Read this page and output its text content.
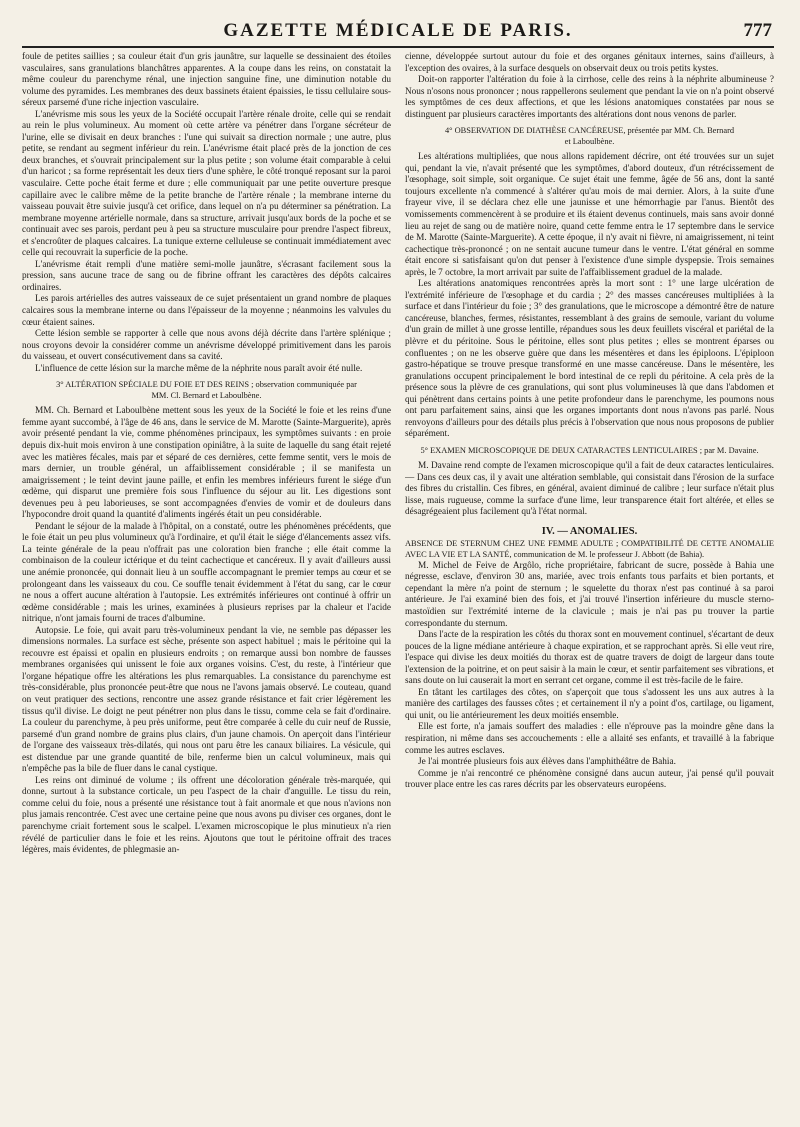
GAZETTE MÉDICALE DE PARIS.	777

foule de petites saillies ; sa couleur était d'un gris jaunâtre, sur laquelle se dessinaient des étoiles vasculaires, sans granulations blanchâtres apparentes. A la coupe dans les reins, on constatait la même couleur du parenchyme rénal, une injection sanguine fine, une diminution notable du volume des pyramides. Les membranes des deux bassinets étaient épaissies, le tissu cellulaire sous-séreux parsemé d'une riche injection vasculaire.

L'anévrisme mis sous les yeux de la Société occupait l'artère rénale droite, celle qui se rendait au rein le plus volumineux. Au moment où cette artère va pénétrer dans l'organe sécréteur de l'urine, elle se divisait en deux branches : l'une qui suivait sa direction normale ; une autre, plus petite, se rendant au segment inférieur du rein. L'anévrisme était placé près de la jonction de ces deux branches, et s'ouvrait principalement sur la plus petite ; son volume était comparable à celui d'un haricot ; sa forme représentait les deux tiers d'une sphère, le côté tronqué reposant sur la paroi vasculaire. Cette poche était ferme et dure ; elle communiquait par une petite ouverture presque capillaire avec le calibre même de la petite branche de l'artère rénale ; la membrane interne du vaisseau pouvait être suivie jusqu'à cet orifice, dans lequel on n'a pu déterminer sa pénétration. La membrane moyenne artérielle normale, dans sa structure, arrivait jusqu'aux bords de la poche et se continuait avec ses parois, perdant peu à peu sa structure musculaire pour prendre l'aspect fibreux, et s'encroûter de plaques calcaires. La tunique externe celluleuse se continuait immédiatement avec celle qui recouvrait la superficie de la poche.

L'anévrisme était rempli d'une matière semi-molle jaunâtre, s'écrasant facilement sous la pression, sans aucune trace de sang ou de fibrine offrant les caractères des dépôts calcaires ordinaires.

Les parois artérielles des autres vaisseaux de ce sujet présentaient un grand nombre de plaques calcaires sous la membrane interne ou dans l'épaisseur de la moyenne ; néanmoins les valvules du cœur étaient saines.

Cette lésion semble se rapporter à celle que nous avons déjà décrite dans l'artère splénique ; nous croyons devoir la considérer comme un anévrisme développé primitivement dans les parois du vaisseau, et ouvert consécutivement dans sa cavité.

L'influence de cette lésion sur la marche même de la néphrite nous paraît avoir été nulle.

3° ALTÉRATION SPÉCIALE DU FOIE ET DES REINS ; observation communiquée par
MM. Cl. Bernard et Laboulbène.

MM. Ch. Bernard et Laboulbène mettent sous les yeux de la Société le foie et les reins d'une femme ayant succombé, à l'âge de 46 ans, dans le service de M. Marotte (Sainte-Marguerite), après avoir présenté pendant la vie, comme phénomènes principaux, les symptômes suivants : en proie depuis dix-huit mois environ à une constipation opiniâtre, à la suite de laquelle du sang était rejeté avec les matières fécales, mais par et séparé de ces dernières, cette femme sentit, vers le mois de mars dernier, un trouble général, un affaiblissement considérable ; il se manifesta un amaigrissement ; le teint devint jaune paille, et enfin les membres inférieurs furent le siége d'un œdème, qui disparut une première fois sous l'influence du séjour au lit. Les digestions sont devenues peu à peu laborieuses, se sont accompagnées d'envies de vomir et de douleurs dans l'hypocondre droit quand la quantité d'aliments ingérés était un peu considérable.

Pendant le séjour de la malade à l'hôpital, on a constaté, outre les phénomènes précédents, que le foie était un peu plus volumineux qu'à l'ordinaire, et qu'il était le siége d'élancements assez vifs. La teinte générale de la peau n'offrait pas une coloration bien franche ; elle était comme la combinaison de la couleur ictérique et du teint cachectique et cancéreux. Il y avait d'ailleurs aussi une anémie prononcée, qui donnait lieu à un souffle accompagnant le premier temps au cœur et se prolongeant dans les vaisseaux du cou. Ce souffle tenait évidemment à l'état du sang, car le cœur ne nous a offert aucune altération à l'autopsie. Les extrémités inférieures ont continué à offrir un œdème considérable ; mais les urines, examinées à plusieurs reprises par la chaleur et l'acide nitrique, n'ont jamais fourni de traces d'albumine.

Autopsie. Le foie, qui avait paru très-volumineux pendant la vie, ne semble pas dépasser les dimensions normales. La surface est sèche, présente son aspect habituel ; mais le péritoine qui la recouvre est épaissi et opalin en plusieurs endroits ; on remarque aussi bon nombre de fausses membranes organisées qui unissent le foie aux organes voisins. C'est, du reste, à l'intérieur que l'organe hépatique offre les altérations les plus remarquables. La consistance du parenchyme est très-considérable, plus prononcée peut-être que nous ne l'avons jamais observé. Le couteau, quand on veut pratiquer des sections, rencontre une assez grande résistance et fait crier légèrement les tissus qu'il divise. Le doigt ne peut pénétrer non plus dans le tissu, comme cela se fait d'ordinaire. La couleur du parenchyme, à peu près uniforme, peut être comparée à celle du cuir neuf de Russie, parsemé d'un grand nombre de grains plus clairs, d'un jaune chamois. On aperçoit dans l'intérieur de l'organe des vaisseaux très-dilatés, qui nous ont paru être les canaux biliaires. La vésicule, qui est distendue par une grande quantité de bile, renferme bien un calcul volumineux, mais qui n'empêche pas la bile de fluer dans le canal cystique.

Les reins ont diminué de volume ; ils offrent une décoloration générale très-marquée, qui donne, surtout à la substance corticale, un peu l'aspect de la chair d'anguille. Le tissu du rein, comme celui du foie, nous a présenté une résistance tout à fait anormale et que nous n'avions non plus jamais rencontrée. C'est avec une certaine peine que nous avons pu diviser ces organes, dont le parenchyme criait fortement sous le scalpel. L'examen microscopique le plus minutieux n'a rien révélé de particulier dans le foie et les reins. Ajoutons que tout le péritoine offrait des traces légères, mais évidentes, de phlegmasie an-

cienne, développée surtout autour du foie et des organes génitaux internes, sains d'ailleurs, à l'exception des ovaires, à la surface desquels on observait deux ou trois petits kystes.

Doit-on rapporter l'altération du foie à la cirrhose, celle des reins à la néphrite albumineuse ? Nous n'osons nous prononcer ; nous rappellerons seulement que pendant la vie on n'a point observé les symptômes de ces deux affections, et que les lésions anatomiques constatées par nous se distinguent par plusieurs caractères importants des altérations dont nous venons de parler.

4° OBSERVATION DE DIATHÈSE CANCÉREUSE, présentée par MM. Ch. Bernard
et Laboulbène.

Les altérations multipliées, que nous allons rapidement décrire, ont été trouvées sur un sujet qui, pendant la vie, n'avait présenté que les symptômes, d'abord douteux, d'un rétrécissement de l'œsophage, soit simple, soit organique. Ce sujet était une femme, âgée de 56 ans, dont la santé toujours excellente n'a commencé à s'altérer qu'au mois de mai dernier. Alors, à la suite d'une frayeur vive, il se déclara chez elle une jaunisse et une hémorrhagie par l'anus. Bientôt des vomissements commencèrent à se produire et ils étaient devenus continuels, mais sans avoir donné lieu au rejet de sang ou de matière noire, quand cette femme entra le 17 septembre dans le service de M. Marotte (Sainte-Marguerite). A cette époque, il n'y avait ni fièvre, ni amaigrissement, ni teint cachectique très-prononcé ; on ne sentait aucune tumeur dans le ventre. L'état général en somme était encore si satisfaisant qu'on dut penser à l'existence d'une simple dyspepsie. Trois semaines après, le 7 octobre, la mort arrivait par suite de l'affaiblissement graduel de la malade.

Les altérations anatomiques rencontrées après la mort sont : 1° une large ulcération de l'extrémité inférieure de l'œsophage et du cardia ; 2° des masses cancéreuses multipliées à la surface et dans l'intérieur du foie ; 3° des granulations, que le microscope a démontré être de nature cancéreuse, blanches, fermes, résistantes, ressemblant à des grains de semoule, variant du volume d'un grain de millet à une grosse lentille, répandues sous les deux feuillets viscéral et pariétal de la plèvre et du péritoine. Sous le péritoine, elles sont plus petites ; elles se montrent éparses ou confluentes ; on ne les observe guère que dans les mésentères et dans les épiploons. L'épiploon gastro-hépatique se trouve presque transformé en une masse cancéreuse. Dans le mésentère, les granulations occupent principalement le bord intestinal de ce repli du péritoine. A cela près de la présence sous la plèvre de ces granulations, qui sont plus volumineuses là que dans l'abdomen et qui pénètrent dans certains points à une petite profondeur dans le parenchyme, les poumons nous ont paru parfaitement sains, ainsi que les organes importants dont nous n'avons pas parlé. Nous renvoyons d'ailleurs pour des détails plus précis à l'observation que nous nous proposons de publier séparément.

5° EXAMEN MICROSCOPIQUE DE DEUX CATARACTES LENTICULAIRES ; par M. Davaine.

M. Davaine rend compte de l'examen microscopique qu'il a fait de deux cataractes lenticulaires. — Dans ces deux cas, il y avait une altération semblable, qui consistait dans l'érosion de la surface des fibres du cristallin. Ces fibres, en général, avaient diminué de calibre ; leur surface n'était plus lisse, mais rugueuse, comme la surface d'une lime, leur transparence était fort altérée, et elles se désagrégeaient plus facilement qu'à l'état normal.

IV. — ANOMALIES.

ABSENCE DE STERNUM CHEZ UNE FEMME ADULTE ; COMPATIBILITÉ DE CETTE ANOMALIE AVEC LA VIE ET LA SANTÉ, communication de M. le professeur J. Abbott (de Bahia).

M. Michel de Feive de Argôlo, riche propriétaire, fabricant de sucre, possède à Bahia une négresse, esclave, d'environ 30 ans, mariée, avec trois enfants tous parfaits et bien portants, et cependant la mère n'a point de sternum ; le squelette du thorax n'est pas continué à sa paroi antérieure. Je l'ai examiné bien des fois, et j'ai trouvé l'insertion inférieure du muscle sterno-mastoïdien sur l'extrémité interne de la clavicule ; mais je n'ai pas pu trouver la partie correspondante du sternum.

Dans l'acte de la respiration les côtés du thorax sont en mouvement continuel, s'écartant de deux pouces de la ligne médiane antérieure à chaque expiration, et se rapprochant après. Si elle veut rire, l'espace qui divise les deux moitiés du thorax est de quatre travers de doigt de largeur dans toute l'extension de la poitrine, et on peut saisir à la main le cœur, et sentir parfaitement ses vibrations, et sans doute on lui causerait la mort en serrant cet organe, comme il est très-facile de le faire.

En tâtant les cartilages des côtes, on s'aperçoit que tous s'adossent les uns aux autres à la manière des cartilages des fausses côtes ; et certainement il n'y a point d'os, cartilage, ou ligament, qui unit, ou lie antérieurement les deux moitiés ensemble.

Elle est forte, n'a jamais souffert des maladies : elle n'éprouve pas la moindre gêne dans la respiration, ni même dans ses accouchements : elle a allaité ses enfants, et travaillé à la fabrique comme les autres esclaves.

Je l'ai montrée plusieurs fois aux élèves dans l'amphithéâtre de Bahia.

Comme je n'ai rencontré ce phénomène consigné dans aucun auteur, j'ai pensé qu'il pouvait trouver place entre les cas rares décrits par les observateurs européens.
